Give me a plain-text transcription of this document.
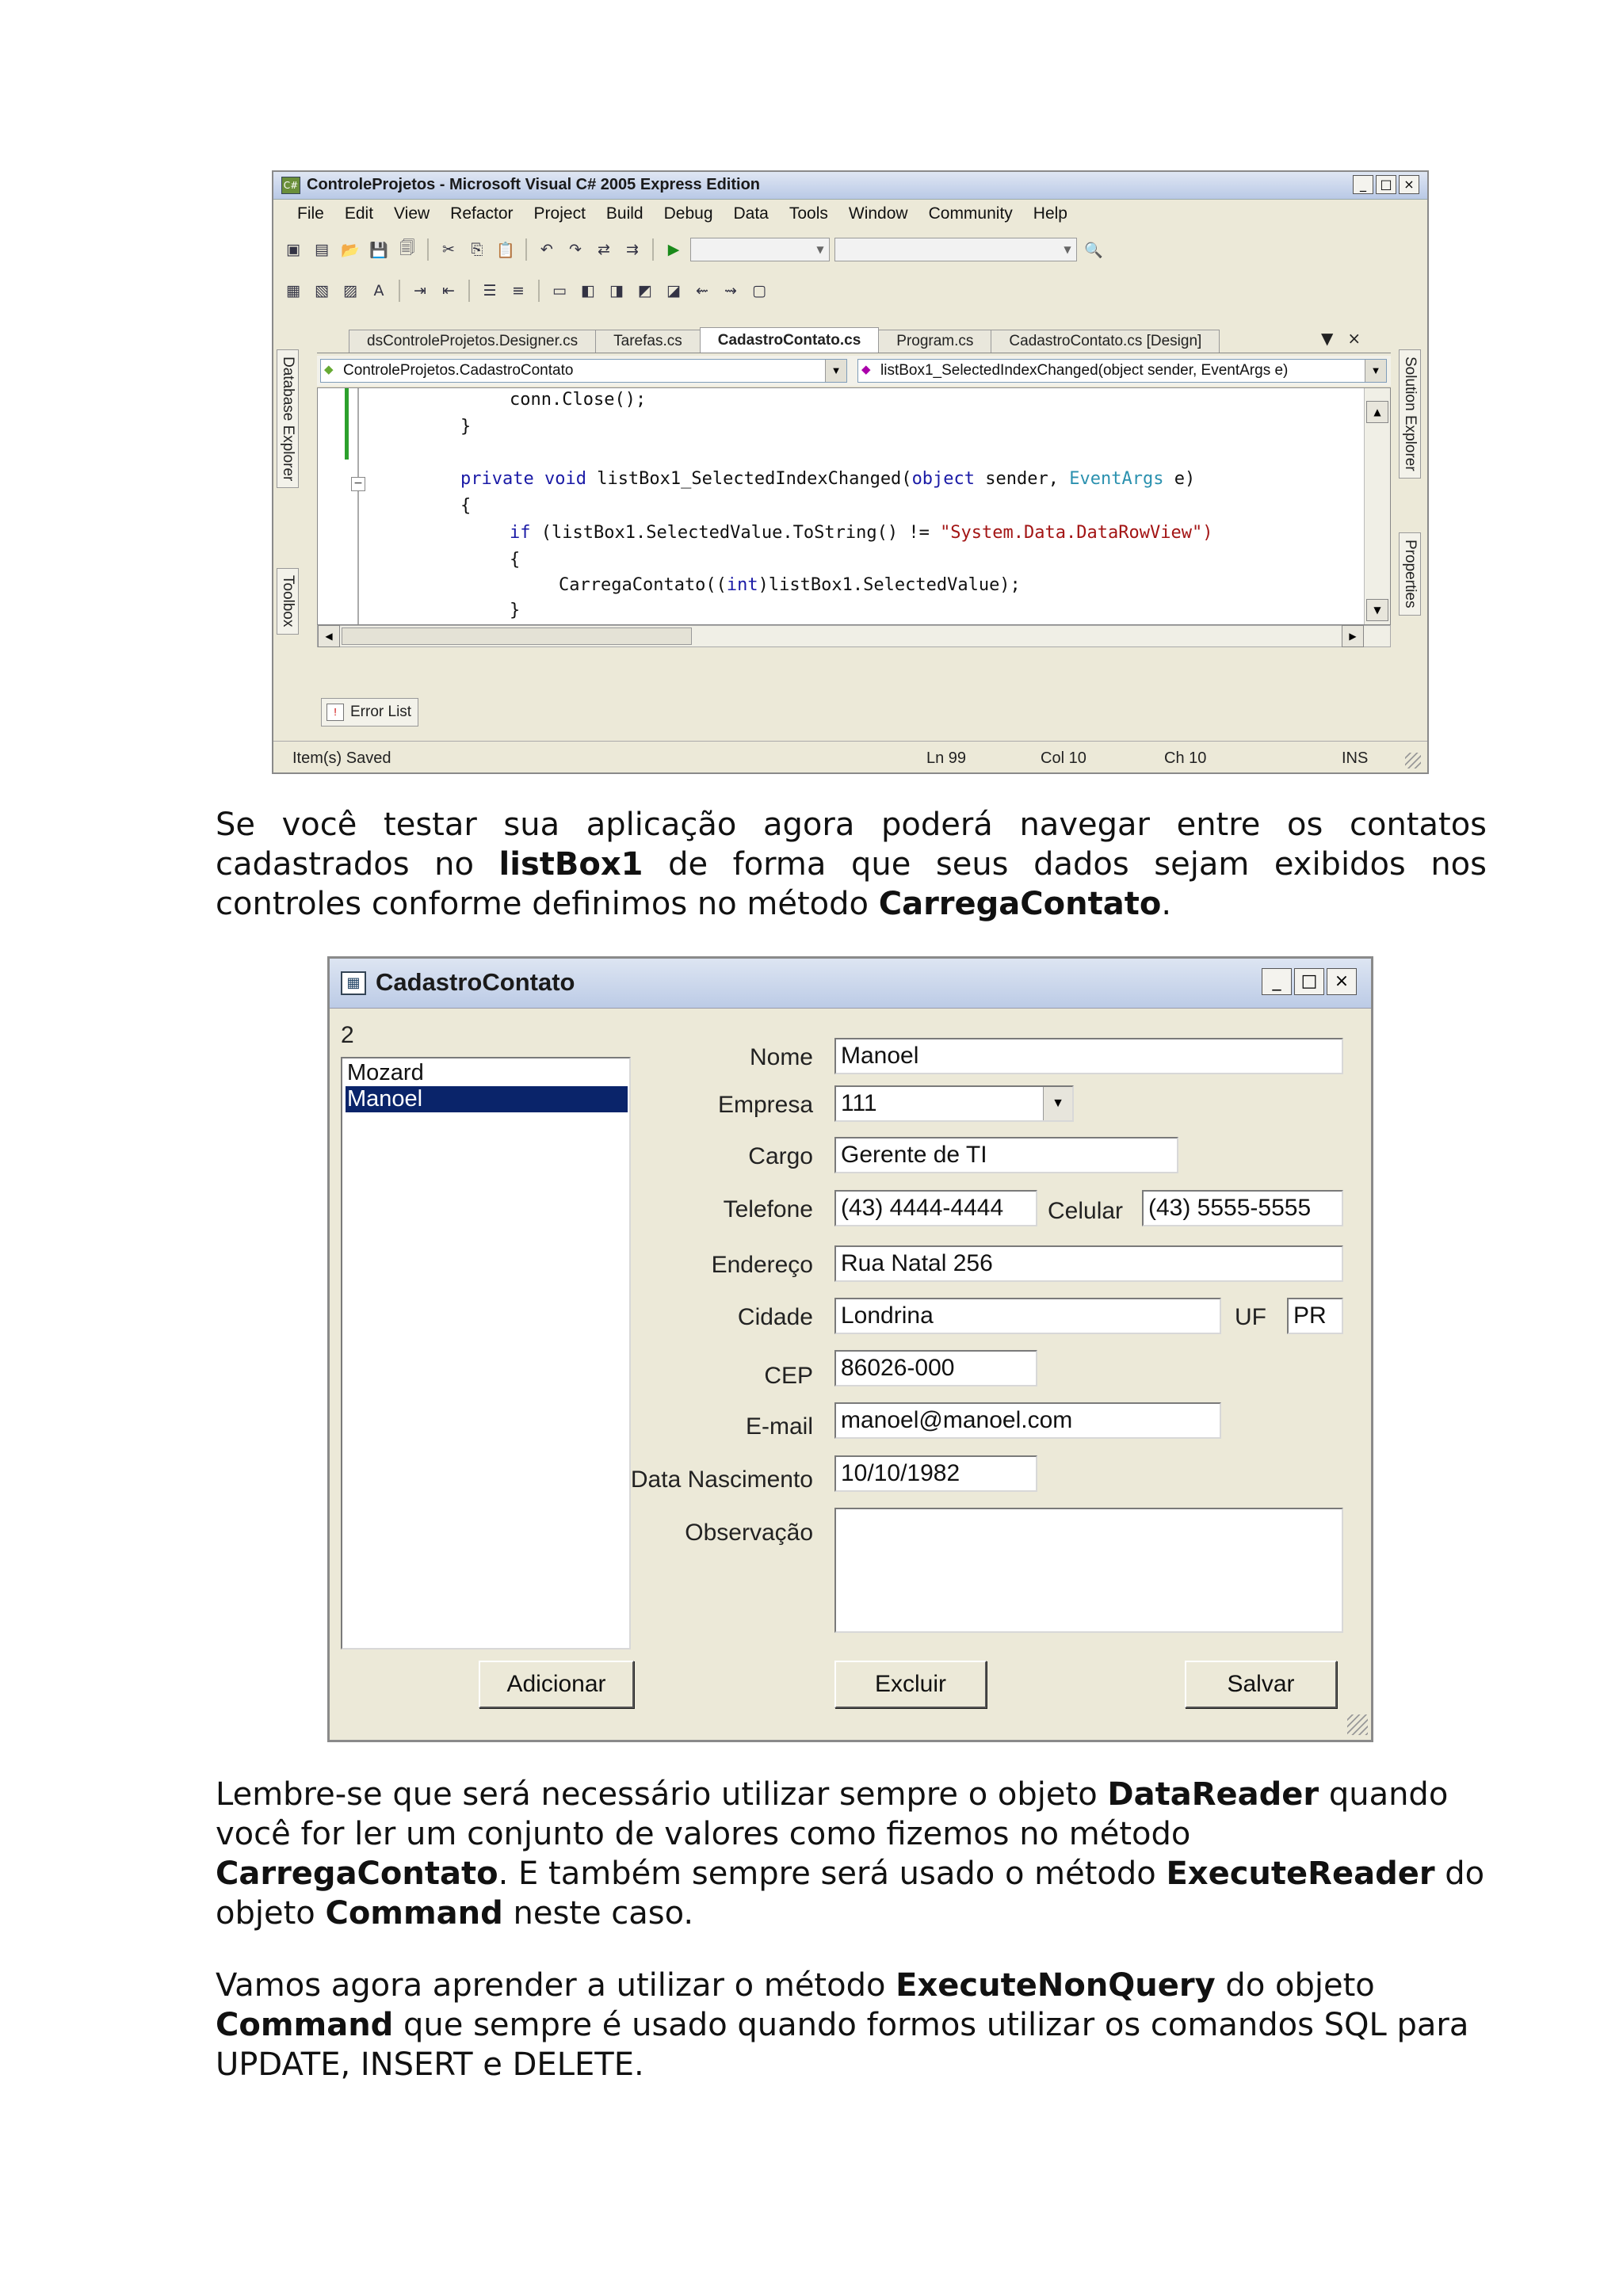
C# ControleProjetos - Microsoft Visual C# 2005 Express Edition	_	□ ×
File	Edit	View	Refactor	Project	Build	Debug	Data	Tools	Window	Community	Help
▣ ▤ 📂 💾 🗐	✂	⎘ 📋	↶	↷	⇄	⇉	▶	▼	▼ 🔍
▦ ▧ ▨	A	⇥	⇤	☰	≡	▭ ◧ ◨ ◩ ◪	⇜	⇝	▢
Database Explorer
Toolbox
Solution Explorer
Properties
dsControleProjetos.Designer.cs	Tarefas.cs	CadastroContato.cs	Program.cs	CadastroContato.cs [Design]	▼ ×
◆ ControleProjetos.CadastroContato	▼	◆ listBox1_SelectedIndexChanged(object sender, EventArgs e)	▼
−
conn.Close();
}
private void listBox1_SelectedIndexChanged(object sender, EventArgs e)
{
if (listBox1.SelectedValue.ToString() != "System.Data.DataRowView")
{
CarregaContato((int)listBox1.SelectedValue);
}
▲
▼
◀	▶
! Error List
Item(s) Saved	Ln 99	Col 10	Ch 10	INS
Se você testar sua aplicação agora poderá navegar entre os contatos cadastrados no listBox1 de forma que seus dados sejam exibidos nos controles conforme definimos no método CarregaContato.
▦ CadastroContato	_	□ ×
2
Mozard
Manoel
Nome
Empresa
Cargo
Telefone
Endereço
Cidade
CEP
E-mail
Data Nascimento
Observação
Celular
UF
Manoel
111	▼
Gerente de TI
(43) 4444-4444	(43) 5555-5555
Rua Natal 256
Londrina	PR
86026-000
manoel@manoel.com
10/10/1982
Adicionar	Excluir	Salvar
Lembre-se que será necessário utilizar sempre o objeto DataReader quando você for ler um conjunto de valores como fizemos no método CarregaContato. E também sempre será usado o método ExecuteReader do objeto Command neste caso.
Vamos agora aprender a utilizar o método ExecuteNonQuery do objeto Command que sempre é usado quando formos utilizar os comandos SQL para UPDATE, INSERT e DELETE.
